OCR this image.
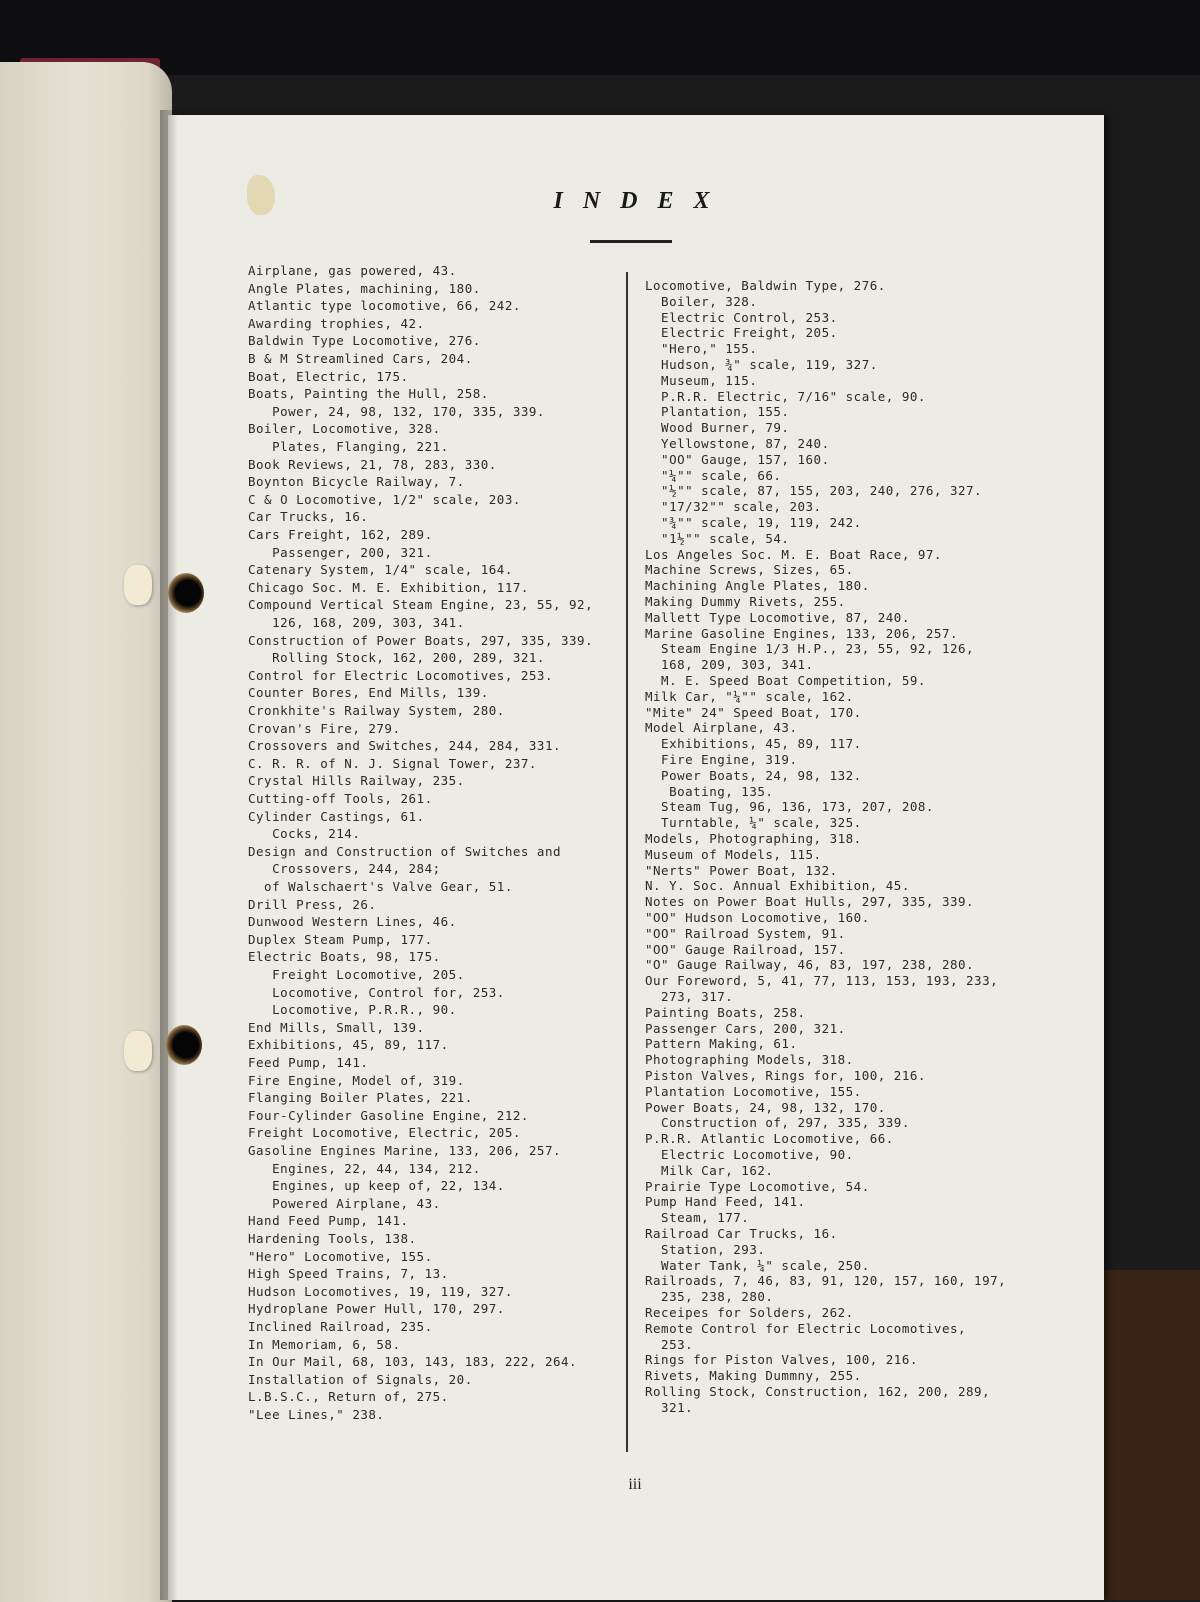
I N D E X
Airplane, gas powered, 43.
Angle Plates, machining, 180.
Atlantic type locomotive, 66, 242.
Awarding trophies, 42.
Baldwin Type Locomotive, 276.
B & M Streamlined Cars, 204.
Boat, Electric, 175.
Boats, Painting the Hull, 258.
Power, 24, 98, 132, 170, 335, 339.
Boiler, Locomotive, 328.
Plates, Flanging, 221.
Book Reviews, 21, 78, 283, 330.
Boynton Bicycle Railway, 7.
C & O Locomotive, 1/2" scale, 203.
Car Trucks, 16.
Cars Freight, 162, 289.
Passenger, 200, 321.
Catenary System, 1/4" scale, 164.
Chicago Soc. M. E. Exhibition, 117.
Compound Vertical Steam Engine, 23, 55, 92,
126, 168, 209, 303, 341.
Construction of Power Boats, 297, 335, 339.
Rolling Stock, 162, 200, 289, 321.
Control for Electric Locomotives, 253.
Counter Bores, End Mills, 139.
Cronkhite's Railway System, 280.
Crovan's Fire, 279.
Crossovers and Switches, 244, 284, 331.
C. R. R. of N. J. Signal Tower, 237.
Crystal Hills Railway, 235.
Cutting-off Tools, 261.
Cylinder Castings, 61.
Cocks, 214.
Design and Construction of Switches and
Crossovers, 244, 284;
of Walschaert's Valve Gear, 51.
Drill Press, 26.
Dunwood Western Lines, 46.
Duplex Steam Pump, 177.
Electric Boats, 98, 175.
Freight Locomotive, 205.
Locomotive, Control for, 253.
Locomotive, P.R.R., 90.
End Mills, Small, 139.
Exhibitions, 45, 89, 117.
Feed Pump, 141.
Fire Engine, Model of, 319.
Flanging Boiler Plates, 221.
Four-Cylinder Gasoline Engine, 212.
Freight Locomotive, Electric, 205.
Gasoline Engines Marine, 133, 206, 257.
Engines, 22, 44, 134, 212.
Engines, up keep of, 22, 134.
Powered Airplane, 43.
Hand Feed Pump, 141.
Hardening Tools, 138.
"Hero" Locomotive, 155.
High Speed Trains, 7, 13.
Hudson Locomotives, 19, 119, 327.
Hydroplane Power Hull, 170, 297.
Inclined Railroad, 235.
In Memoriam, 6, 58.
In Our Mail, 68, 103, 143, 183, 222, 264.
Installation of Signals, 20.
L.B.S.C., Return of, 275.
"Lee Lines," 238.
Locomotive, Baldwin Type, 276.
Boiler, 328.
Electric Control, 253.
Electric Freight, 205.
"Hero," 155.
Hudson, ¾" scale, 119, 327.
Museum, 115.
P.R.R. Electric, 7/16" scale, 90.
Plantation, 155.
Wood Burner, 79.
Yellowstone, 87, 240.
"OO" Gauge, 157, 160.
"¼"" scale, 66.
"½"" scale, 87, 155, 203, 240, 276, 327.
"17/32"" scale, 203.
"¾"" scale, 19, 119, 242.
"1½"" scale, 54.
Los Angeles Soc. M. E. Boat Race, 97.
Machine Screws, Sizes, 65.
Machining Angle Plates, 180.
Making Dummy Rivets, 255.
Mallett Type Locomotive, 87, 240.
Marine Gasoline Engines, 133, 206, 257.
Steam Engine 1/3 H.P., 23, 55, 92, 126,
168, 209, 303, 341.
M. E. Speed Boat Competition, 59.
Milk Car, "¼"" scale, 162.
"Mite" 24" Speed Boat, 170.
Model Airplane, 43.
Exhibitions, 45, 89, 117.
Fire Engine, 319.
Power Boats, 24, 98, 132.
Boating, 135.
Steam Tug, 96, 136, 173, 207, 208.
Turntable, ¼" scale, 325.
Models, Photographing, 318.
Museum of Models, 115.
"Nerts" Power Boat, 132.
N. Y. Soc. Annual Exhibition, 45.
Notes on Power Boat Hulls, 297, 335, 339.
"OO" Hudson Locomotive, 160.
"OO" Railroad System, 91.
"OO" Gauge Railroad, 157.
"O" Gauge Railway, 46, 83, 197, 238, 280.
Our Foreword, 5, 41, 77, 113, 153, 193, 233,
273, 317.
Painting Boats, 258.
Passenger Cars, 200, 321.
Pattern Making, 61.
Photographing Models, 318.
Piston Valves, Rings for, 100, 216.
Plantation Locomotive, 155.
Power Boats, 24, 98, 132, 170.
Construction of, 297, 335, 339.
P.R.R. Atlantic Locomotive, 66.
Electric Locomotive, 90.
Milk Car, 162.
Prairie Type Locomotive, 54.
Pump Hand Feed, 141.
Steam, 177.
Railroad Car Trucks, 16.
Station, 293.
Water Tank, ¼" scale, 250.
Railroads, 7, 46, 83, 91, 120, 157, 160, 197,
235, 238, 280.
Receipes for Solders, 262.
Remote Control for Electric Locomotives,
253.
Rings for Piston Valves, 100, 216.
Rivets, Making Dummny, 255.
Rolling Stock, Construction, 162, 200, 289,
321.
iii
